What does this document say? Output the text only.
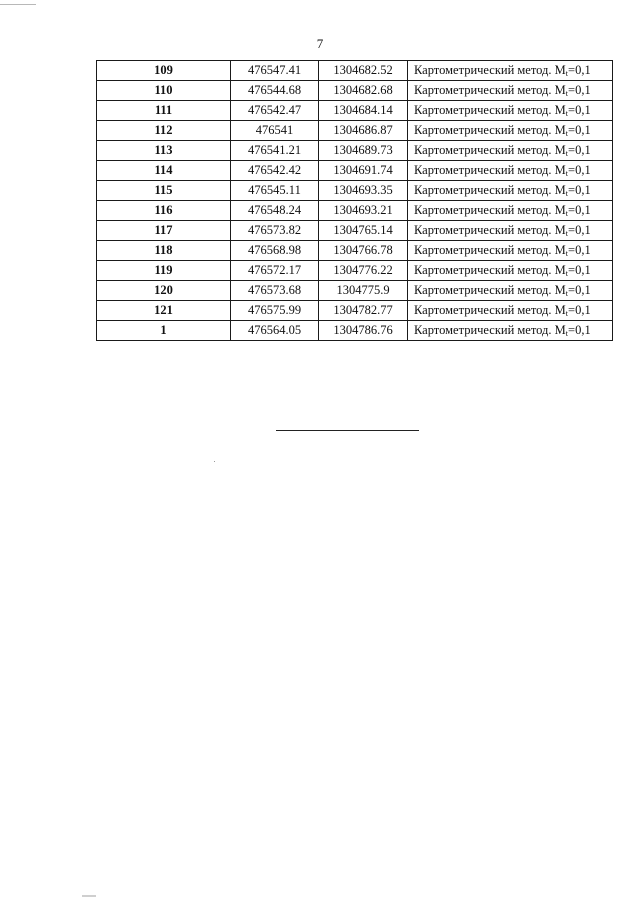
7
109	476547.41	1304682.52	Картометрический метод. $M_t=0,1$
110	476544.68	1304682.68	Картометрический метод. $M_t=0,1$
111	476542.47	1304684.14	Картометрический метод. $M_t=0,1$
112	476541	1304686.87	Картометрический метод. $M_t=0,1$
113	476541.21	1304689.73	Картометрический метод. $M_t=0,1$
114	476542.42	1304691.74	Картометрический метод. $M_t=0,1$
115	476545.11	1304693.35	Картометрический метод. $M_t=0,1$
116	476548.24	1304693.21	Картометрический метод. $M_t=0,1$
117	476573.82	1304765.14	Картометрический метод. $M_t=0,1$
118	476568.98	1304766.78	Картометрический метод. $M_t=0,1$
119	476572.17	1304776.22	Картометрический метод. $M_t=0,1$
120	476573.68	1304775.9	Картометрический метод. $M_t=0,1$
121	476575.99	1304782.77	Картометрический метод. $M_t=0,1$
1	476564.05	1304786.76	Картометрический метод. $M_t=0,1$
